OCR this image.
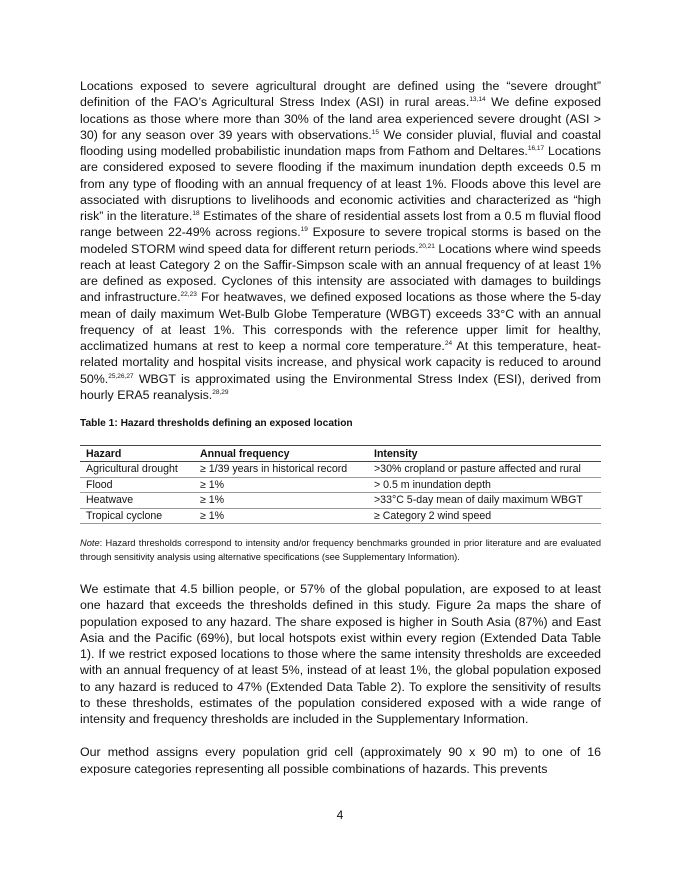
Locations exposed to severe agricultural drought are defined using the “severe drought” definition of the FAO’s Agricultural Stress Index (ASI) in rural areas.$^{13,14}$ We define exposed locations as those where more than 30% of the land area experienced severe drought (ASI > 30) for any season over 39 years with observations.$^{15}$ We consider pluvial, fluvial and coastal flooding using modelled probabilistic inundation maps from Fathom and Deltares.$^{16,17}$ Locations are considered exposed to severe flooding if the maximum inundation depth exceeds 0.5 m from any type of flooding with an annual frequency of at least 1%. Floods above this level are associated with disruptions to livelihoods and economic activities and characterized as “high risk” in the literature.$^{18}$ Estimates of the share of residential assets lost from a 0.5 m fluvial flood range between 22-49% across regions.$^{19}$ Exposure to severe tropical storms is based on the modeled STORM wind speed data for different return periods.$^{20,21}$ Locations where wind speeds reach at least Category 2 on the Saffir-Simpson scale with an annual frequency of at least 1% are defined as exposed. Cyclones of this intensity are associated with damages to buildings and infrastructure.$^{22,23}$ For heatwaves, we defined exposed locations as those where the 5-day mean of daily maximum Wet-Bulb Globe Temperature (WBGT) exceeds 33°C with an annual frequency of at least 1%. This corresponds with the reference upper limit for healthy, acclimatized humans at rest to keep a normal core temperature.$^{24}$ At this temperature, heat-related mortality and hospital visits increase, and physical work capacity is reduced to around 50%.$^{25,26,27}$ WBGT is approximated using the Environmental Stress Index (ESI), derived from hourly ERA5 reanalysis.$^{28,29}$

Table 1: Hazard thresholds defining an exposed location
Hazard	Annual frequency	Intensity
Agricultural drought	≥ 1/39 years in historical record	>30% cropland or pasture affected and rural
Flood	≥ 1%	> 0.5 m inundation depth
Heatwave	≥ 1%	>33°C 5-day mean of daily maximum WBGT
Tropical cyclone	≥ 1%	≥ Category 2 wind speed
Note: Hazard thresholds correspond to intensity and/or frequency benchmarks grounded in prior literature and are evaluated through sensitivity analysis using alternative specifications (see Supplementary Information).

We estimate that 4.5 billion people, or 57% of the global population, are exposed to at least one hazard that exceeds the thresholds defined in this study. Figure 2a maps the share of population exposed to any hazard. The share exposed is higher in South Asia (87%) and East Asia and the Pacific (69%), but local hotspots exist within every region (Extended Data Table 1). If we restrict exposed locations to those where the same intensity thresholds are exceeded with an annual frequency of at least 5%, instead of at least 1%, the global population exposed to any hazard is reduced to 47% (Extended Data Table 2). To explore the sensitivity of results to these thresholds, estimates of the population considered exposed with a wide range of intensity and frequency thresholds are included in the Supplementary Information.

Our method assigns every population grid cell (approximately 90 x 90 m) to one of 16 exposure categories representing all possible combinations of hazards. This prevents

4
